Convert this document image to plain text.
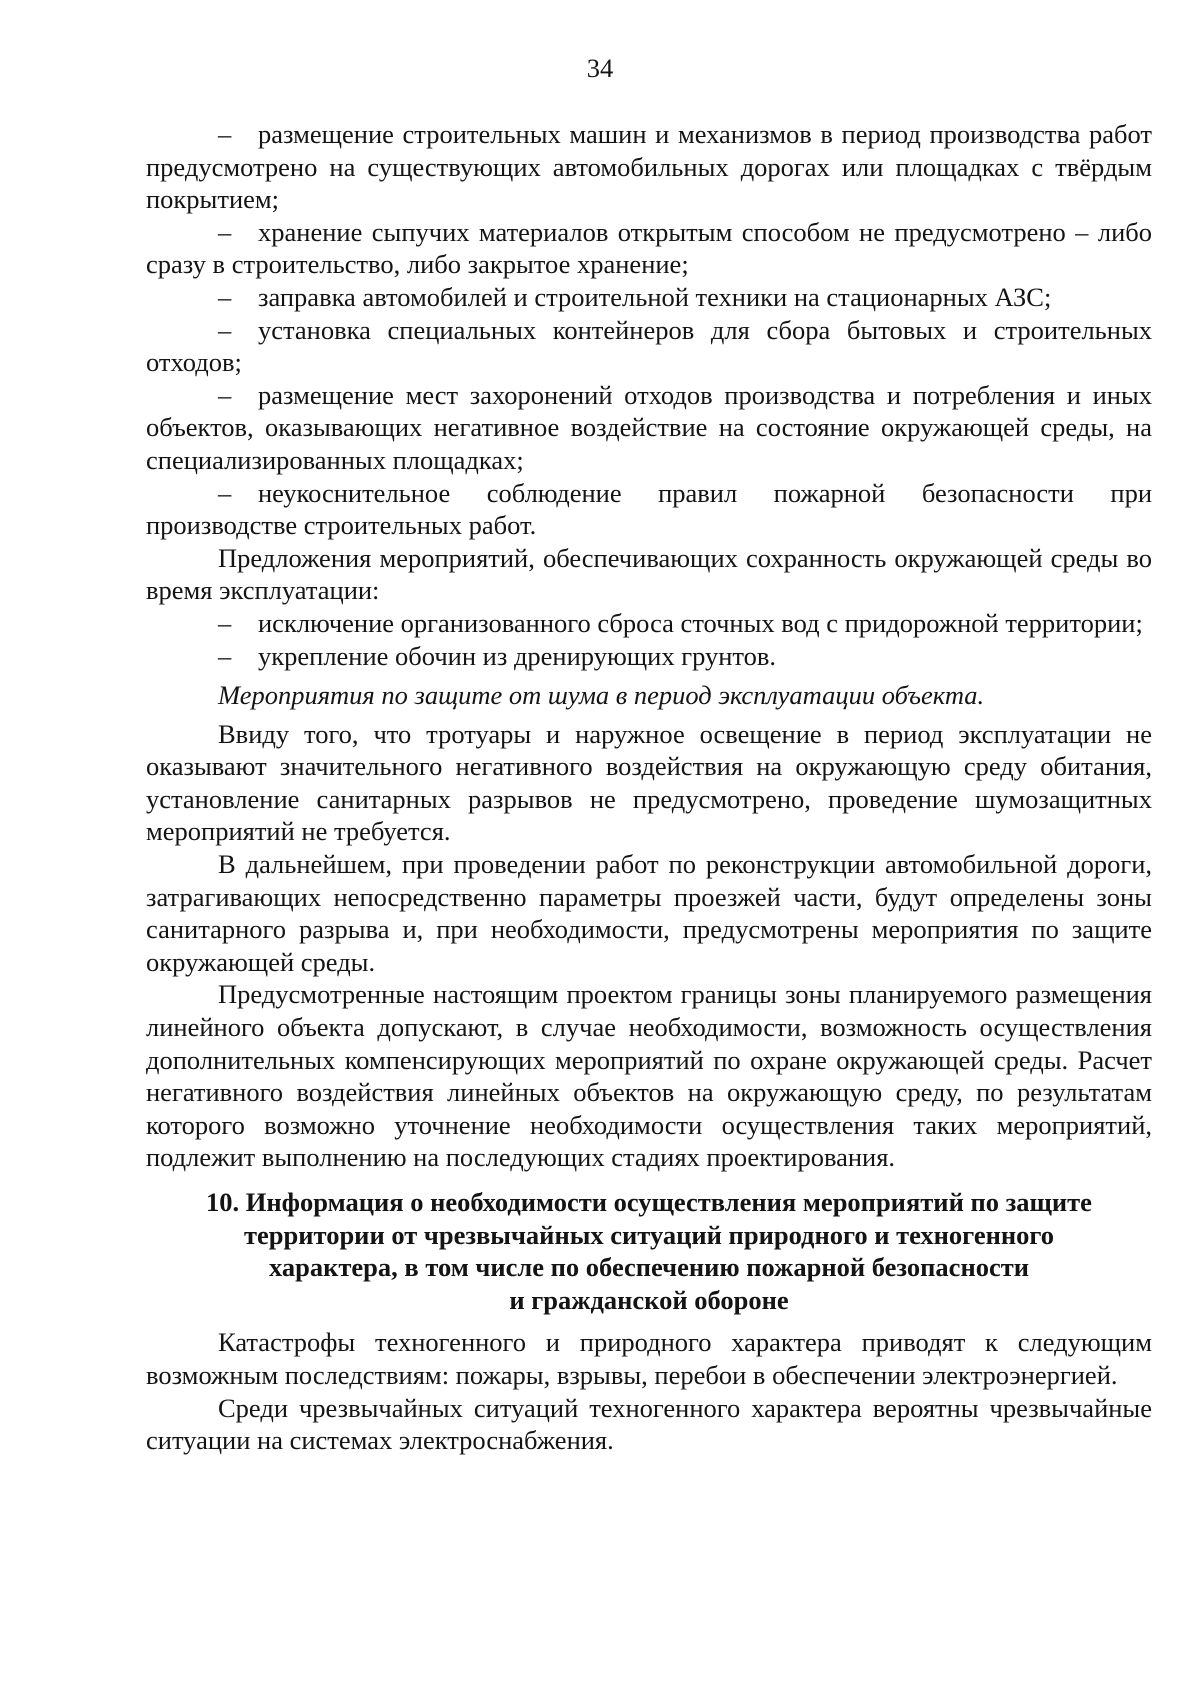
34

– размещение строительных машин и механизмов в период производства работ предусмотрено на существующих автомобильных дорогах или площадках с твёрдым покрытием;

– хранение сыпучих материалов открытым способом не предусмотрено – либо сразу в строительство, либо закрытое хранение;

– заправка автомобилей и строительной техники на стационарных АЗС;

– установка специальных контейнеров для сбора бытовых и строительных отходов;

– размещение мест захоронений отходов производства и потребления и иных объектов, оказывающих негативное воздействие на состояние окружающей среды, на специализированных площадках;

– неукоснительное соблюдение правил пожарной безопасности при производстве строительных работ.

Предложения мероприятий, обеспечивающих сохранность окружающей среды во время эксплуатации:

– исключение организованного сброса сточных вод с придорожной территории;

– укрепление обочин из дренирующих грунтов.

Мероприятия по защите от шума в период эксплуатации объекта.

Ввиду того, что тротуары и наружное освещение в период эксплуатации не оказывают значительного негативного воздействия на окружающую среду обитания, установление санитарных разрывов не предусмотрено, проведение шумозащитных мероприятий не требуется.

В дальнейшем, при проведении работ по реконструкции автомобильной дороги, затрагивающих непосредственно параметры проезжей части, будут определены зоны санитарного разрыва и, при необходимости, предусмотрены мероприятия по защите окружающей среды.

Предусмотренные настоящим проектом границы зоны планируемого размещения линейного объекта допускают, в случае необходимости, возможность осуществления дополнительных компенсирующих мероприятий по охране окружающей среды. Расчет негативного воздействия линейных объектов на окружающую среду, по результатам которого возможно уточнение необходимости осуществления таких мероприятий, подлежит выполнению на последующих стадиях проектирования.

10. Информация о необходимости осуществления мероприятий по защите
территории от чрезвычайных ситуаций природного и техногенного
характера, в том числе по обеспечению пожарной безопасности
и гражданской обороне

Катастрофы техногенного и природного характера приводят к следующим возможным последствиям: пожары, взрывы, перебои в обеспечении электроэнергией.

Среди чрезвычайных ситуаций техногенного характера вероятны чрезвычайные ситуации на системах электроснабжения.
